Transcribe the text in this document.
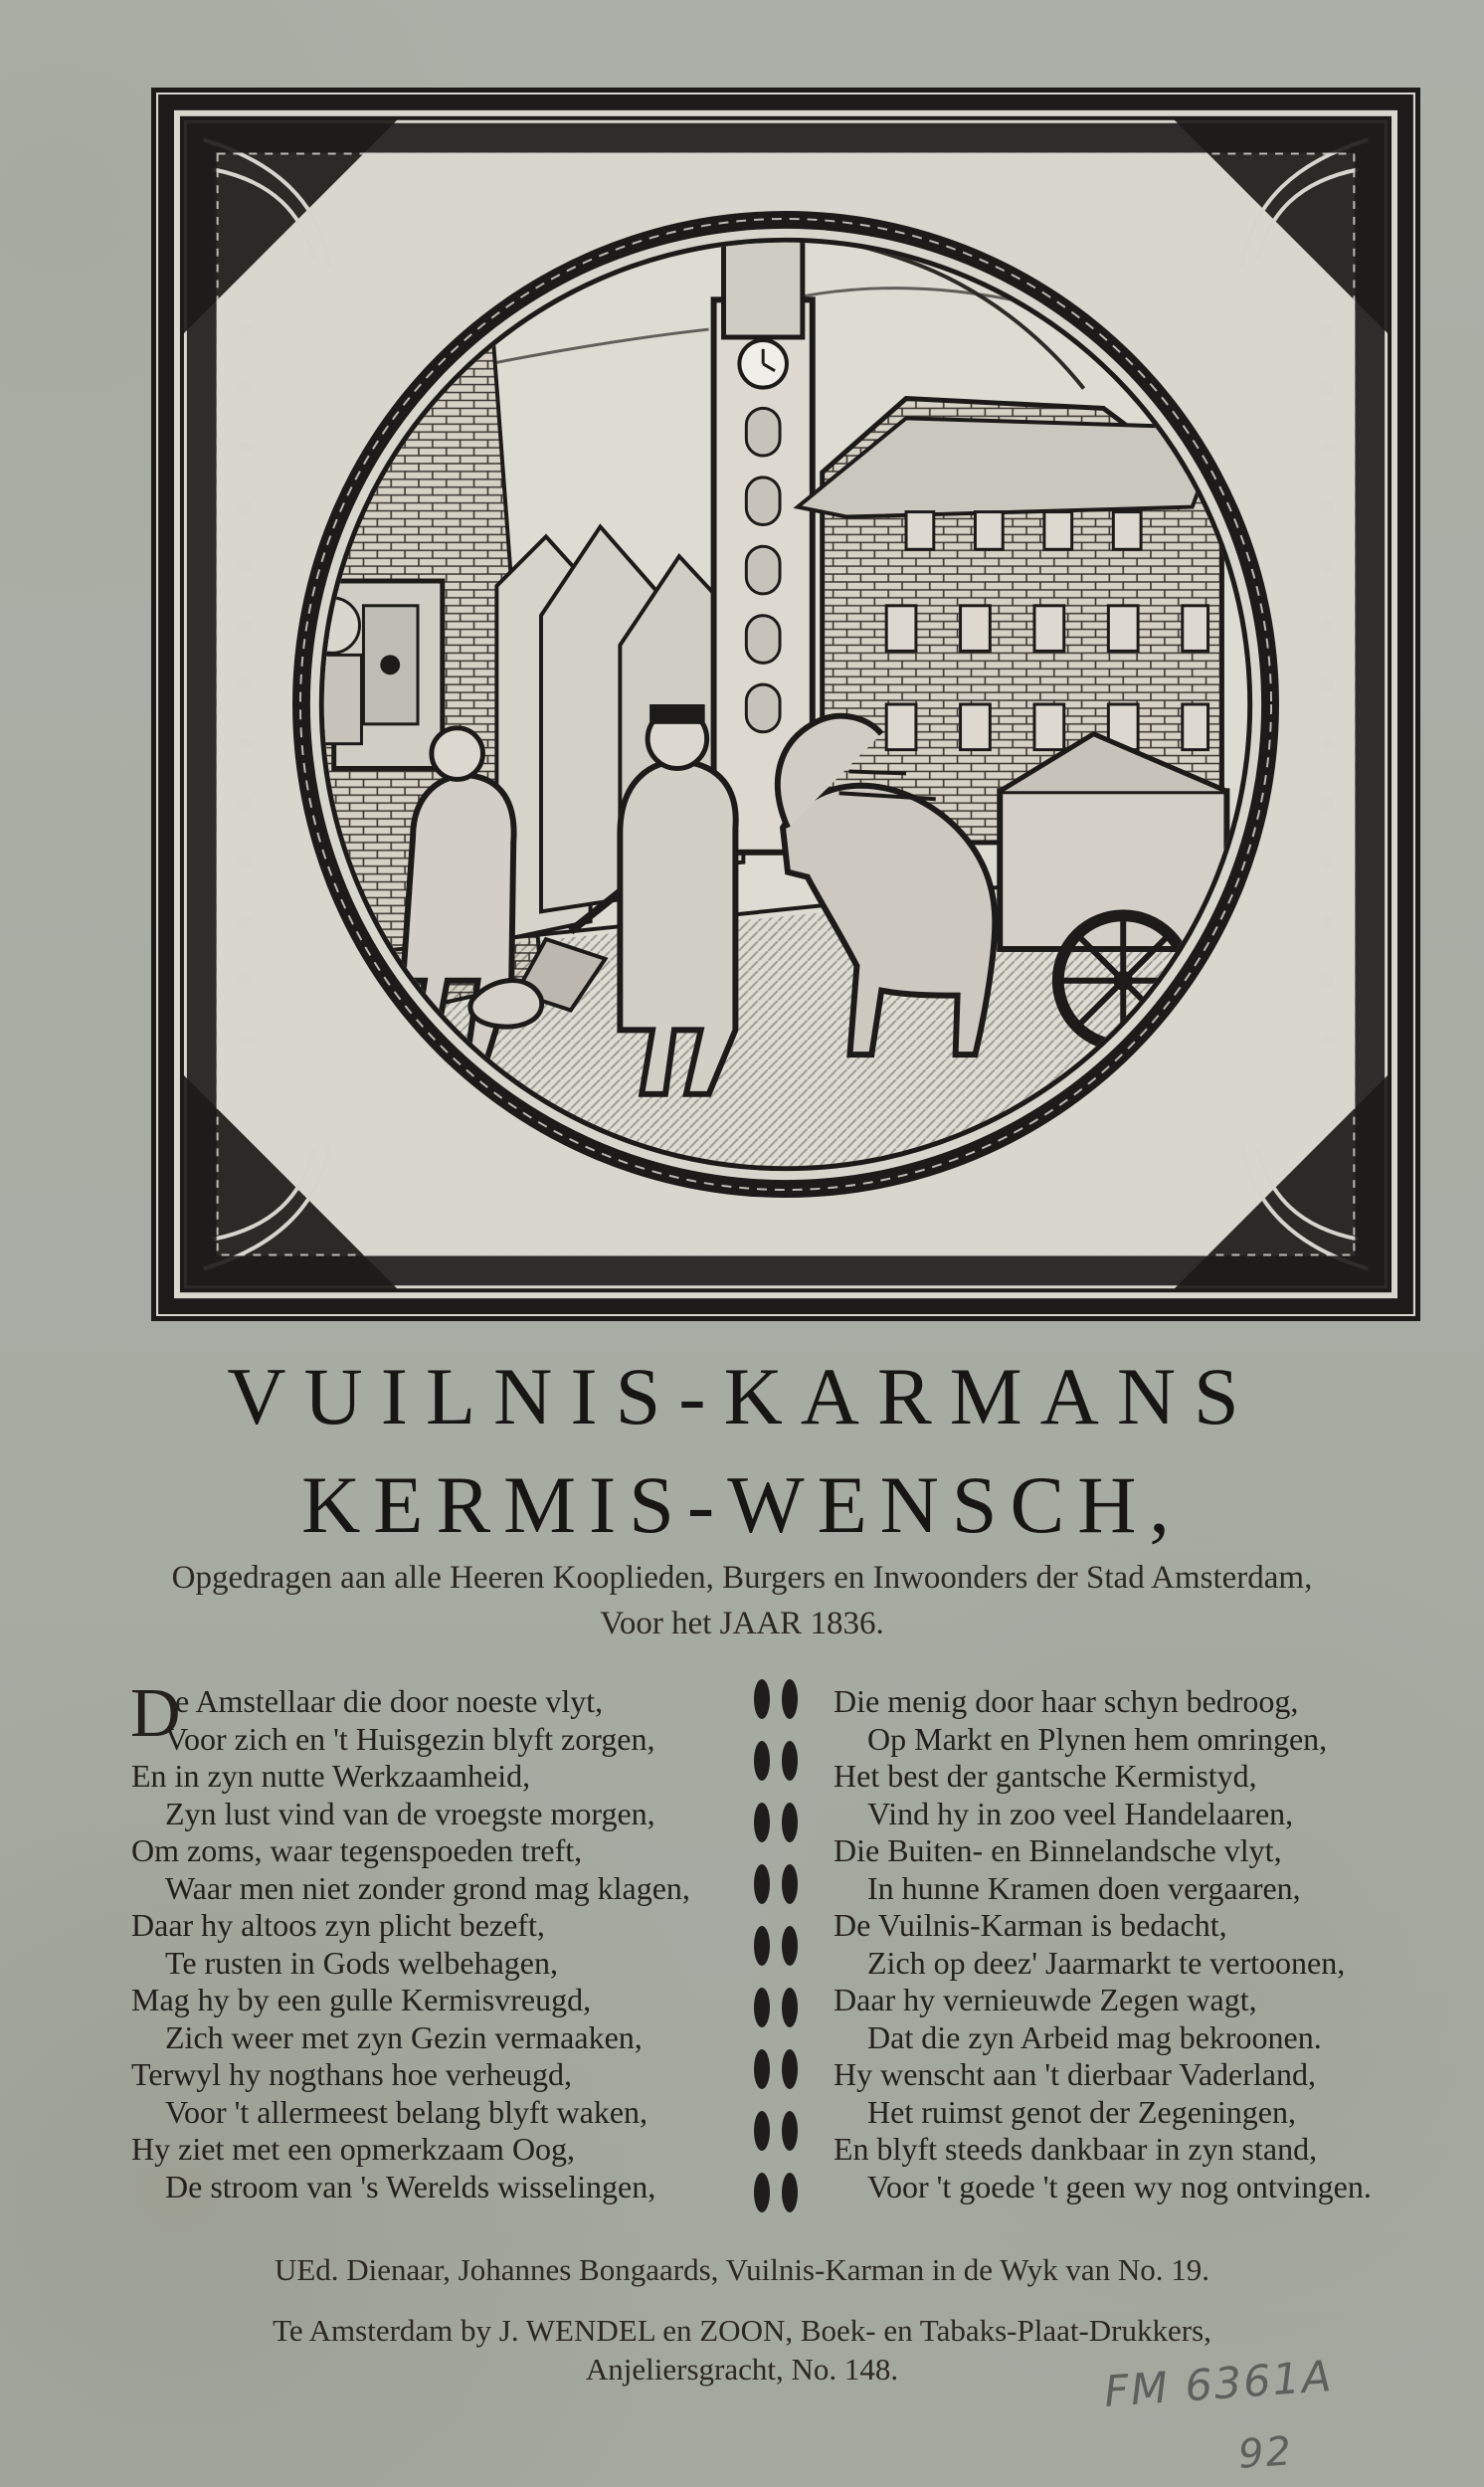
VUILNIS-KARMANS
KERMIS-WENSCH,
Opgedragen aan alle Heeren Kooplieden, Burgers en Inwoonders der Stad Amsterdam,
Voor het JAAR 1836.
D
e Amstellaar die door noeste vlyt,
Voor zich en 't Huisgezin blyft zorgen,
En in zyn nutte Werkzaamheid,
Zyn lust vind van de vroegste morgen,
Om zoms, waar tegenspoeden treft,
Waar men niet zonder grond mag klagen,
Daar hy altoos zyn plicht bezeft,
Te rusten in Gods welbehagen,
Mag hy by een gulle Kermisvreugd,
Zich weer met zyn Gezin vermaaken,
Terwyl hy nogthans hoe verheugd,
Voor 't allermeest belang blyft waken,
Hy ziet met een opmerkzaam Oog,
De stroom van 's Werelds wisselingen,
Die menig door haar schyn bedroog,
Op Markt en Plynen hem omringen,
Het best der gantsche Kermistyd,
Vind hy in zoo veel Handelaaren,
Die Buiten- en Binnelandsche vlyt,
In hunne Kramen doen vergaaren,
De Vuilnis-Karman is bedacht,
Zich op deez' Jaarmarkt te vertoonen,
Daar hy vernieuwde Zegen wagt,
Dat die zyn Arbeid mag bekroonen.
Hy wenscht aan 't dierbaar Vaderland,
Het ruimst genot der Zegeningen,
En blyft steeds dankbaar in zyn stand,
Voor 't goede 't geen wy nog ontvingen.
UEd. Dienaar, Johannes Bongaards, Vuilnis-Karman in de Wyk van No. 19.
Te Amsterdam by J. WENDEL en ZOON, Boek- en Tabaks-Plaat-Drukkers,
Anjeliersgracht, No. 148.	FM 6361A
92
